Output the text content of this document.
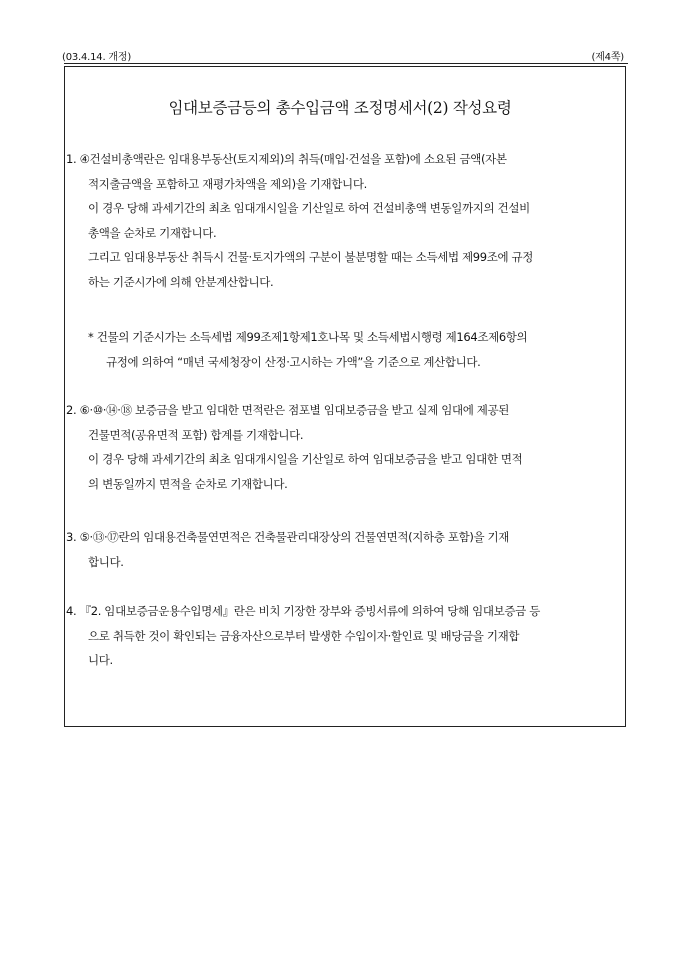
(03.4.14. 개정)	(제4쪽)
임대보증금등의 총수입금액 조정명세서(2) 작성요령
1. ④건설비총액란은 임대용부동산(토지제외)의 취득(매입·건설을 포함)에 소요된 금액(자본
적지출금액을 포함하고 재평가차액을 제외)을 기재합니다.
이 경우 당해 과세기간의 최초 임대개시일을 기산일로 하여 건설비총액 변동일까지의 건설비
총액을 순차로 기재합니다.
그리고 임대용부동산 취득시 건물·토지가액의 구분이 불분명할 때는 소득세법 제99조에 규정
하는 기준시가에 의해 안분계산합니다.
* 건물의 기준시가는 소득세법 제99조제1항제1호나목 및 소득세법시행령 제164조제6항의
규정에 의하여 “매년 국세청장이 산정·고시하는 가액”을 기준으로 계산합니다.
2. ⑥·⑩·⑭·⑱ 보증금을 받고 임대한 면적란은 점포별 임대보증금을 받고 실제 임대에 제공된
건물면적(공유면적 포함) 합계를 기재합니다.
이 경우 당해 과세기간의 최초 임대개시일을 기산일로 하여 임대보증금을 받고 임대한 면적
의 변동일까지 면적을 순차로 기재합니다.
3. ⑤·⑬·⑰란의 임대용건축물연면적은 건축물관리대장상의 건물연면적(지하층 포함)을 기재
합니다.
4. 『2. 임대보증금운용수입명세』란은 비치 기장한 장부와 증빙서류에 의하여 당해 임대보증금 등
으로 취득한 것이 확인되는 금융자산으로부터 발생한 수입이자·할인료 및 배당금을 기재합
니다.
